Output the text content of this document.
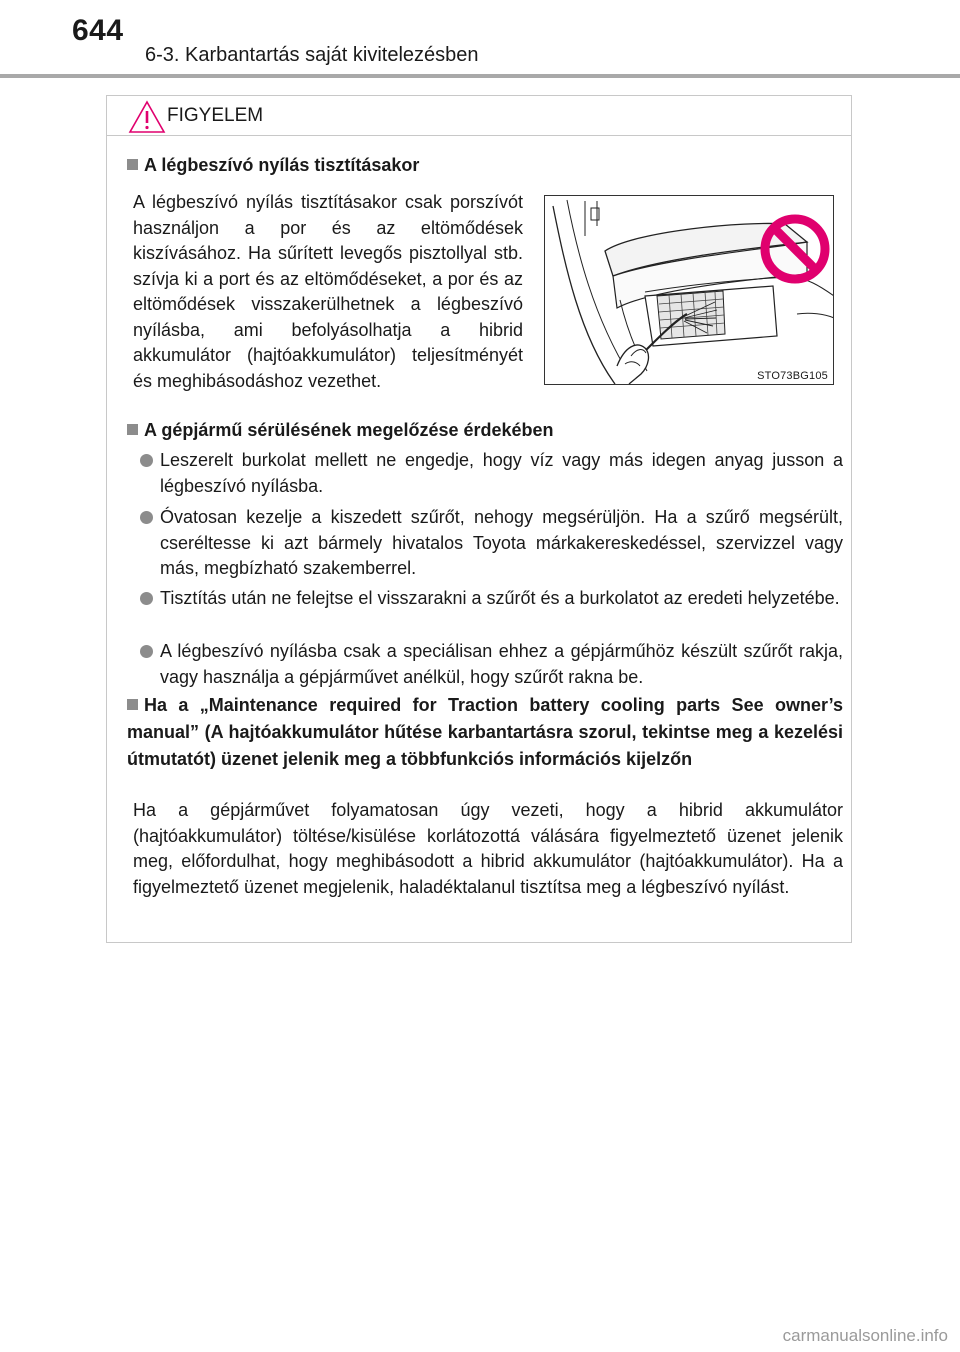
644
6-3. Karbantartás saját kivitelezésben
FIGYELEM
A légbeszívó nyílás tisztításakor
A légbeszívó nyílás tisztításakor csak porszívót használjon a por és az eltömődések kiszívásához. Ha sűrített levegős pisztollyal stb. szívja ki a port és az eltömődéseket, a por és az eltömődések visszakerülhetnek a légbeszívó nyílásba, ami befolyásolhatja a hibrid akkumulátor (hajtóakkumulátor) teljesítményét és meghibásodáshoz vezethet.	STO73BG105
A gépjármű sérülésének megelőzése érdekében
Leszerelt burkolat mellett ne engedje, hogy víz vagy más idegen anyag jusson a légbeszívó nyílásba.
Óvatosan kezelje a kiszedett szűrőt, nehogy megsérüljön. Ha a szűrő megsérült, cseréltesse ki azt bármely hivatalos Toyota márkakereskedéssel, szervizzel vagy más, megbízható szakemberrel.
Tisztítás után ne felejtse el visszarakni a szűrőt és a burkolatot az eredeti helyzetébe.
A légbeszívó nyílásba csak a speciálisan ehhez a gépjárműhöz készült szűrőt rakja, vagy használja a gépjárművet anélkül, hogy szűrőt rakna be.
Ha a „Maintenance required for Traction battery cooling parts See owner’s manual” (A hajtóakkumulátor hűtése karbantartásra szorul, tekintse meg a kezelési útmutatót) üzenet jelenik meg a többfunkciós információs kijelzőn
Ha a gépjárművet folyamatosan úgy vezeti, hogy a hibrid akkumulátor (hajtóakkumulátor) töltése/kisülése korlátozottá válására figyelmeztető üzenet jelenik meg, előfordulhat, hogy meghibásodott a hibrid akkumulátor (hajtóakkumulátor). Ha a figyelmeztető üzenet megjelenik, haladéktalanul tisztítsa meg a légbeszívó nyílást.
carmanualsonline.info
